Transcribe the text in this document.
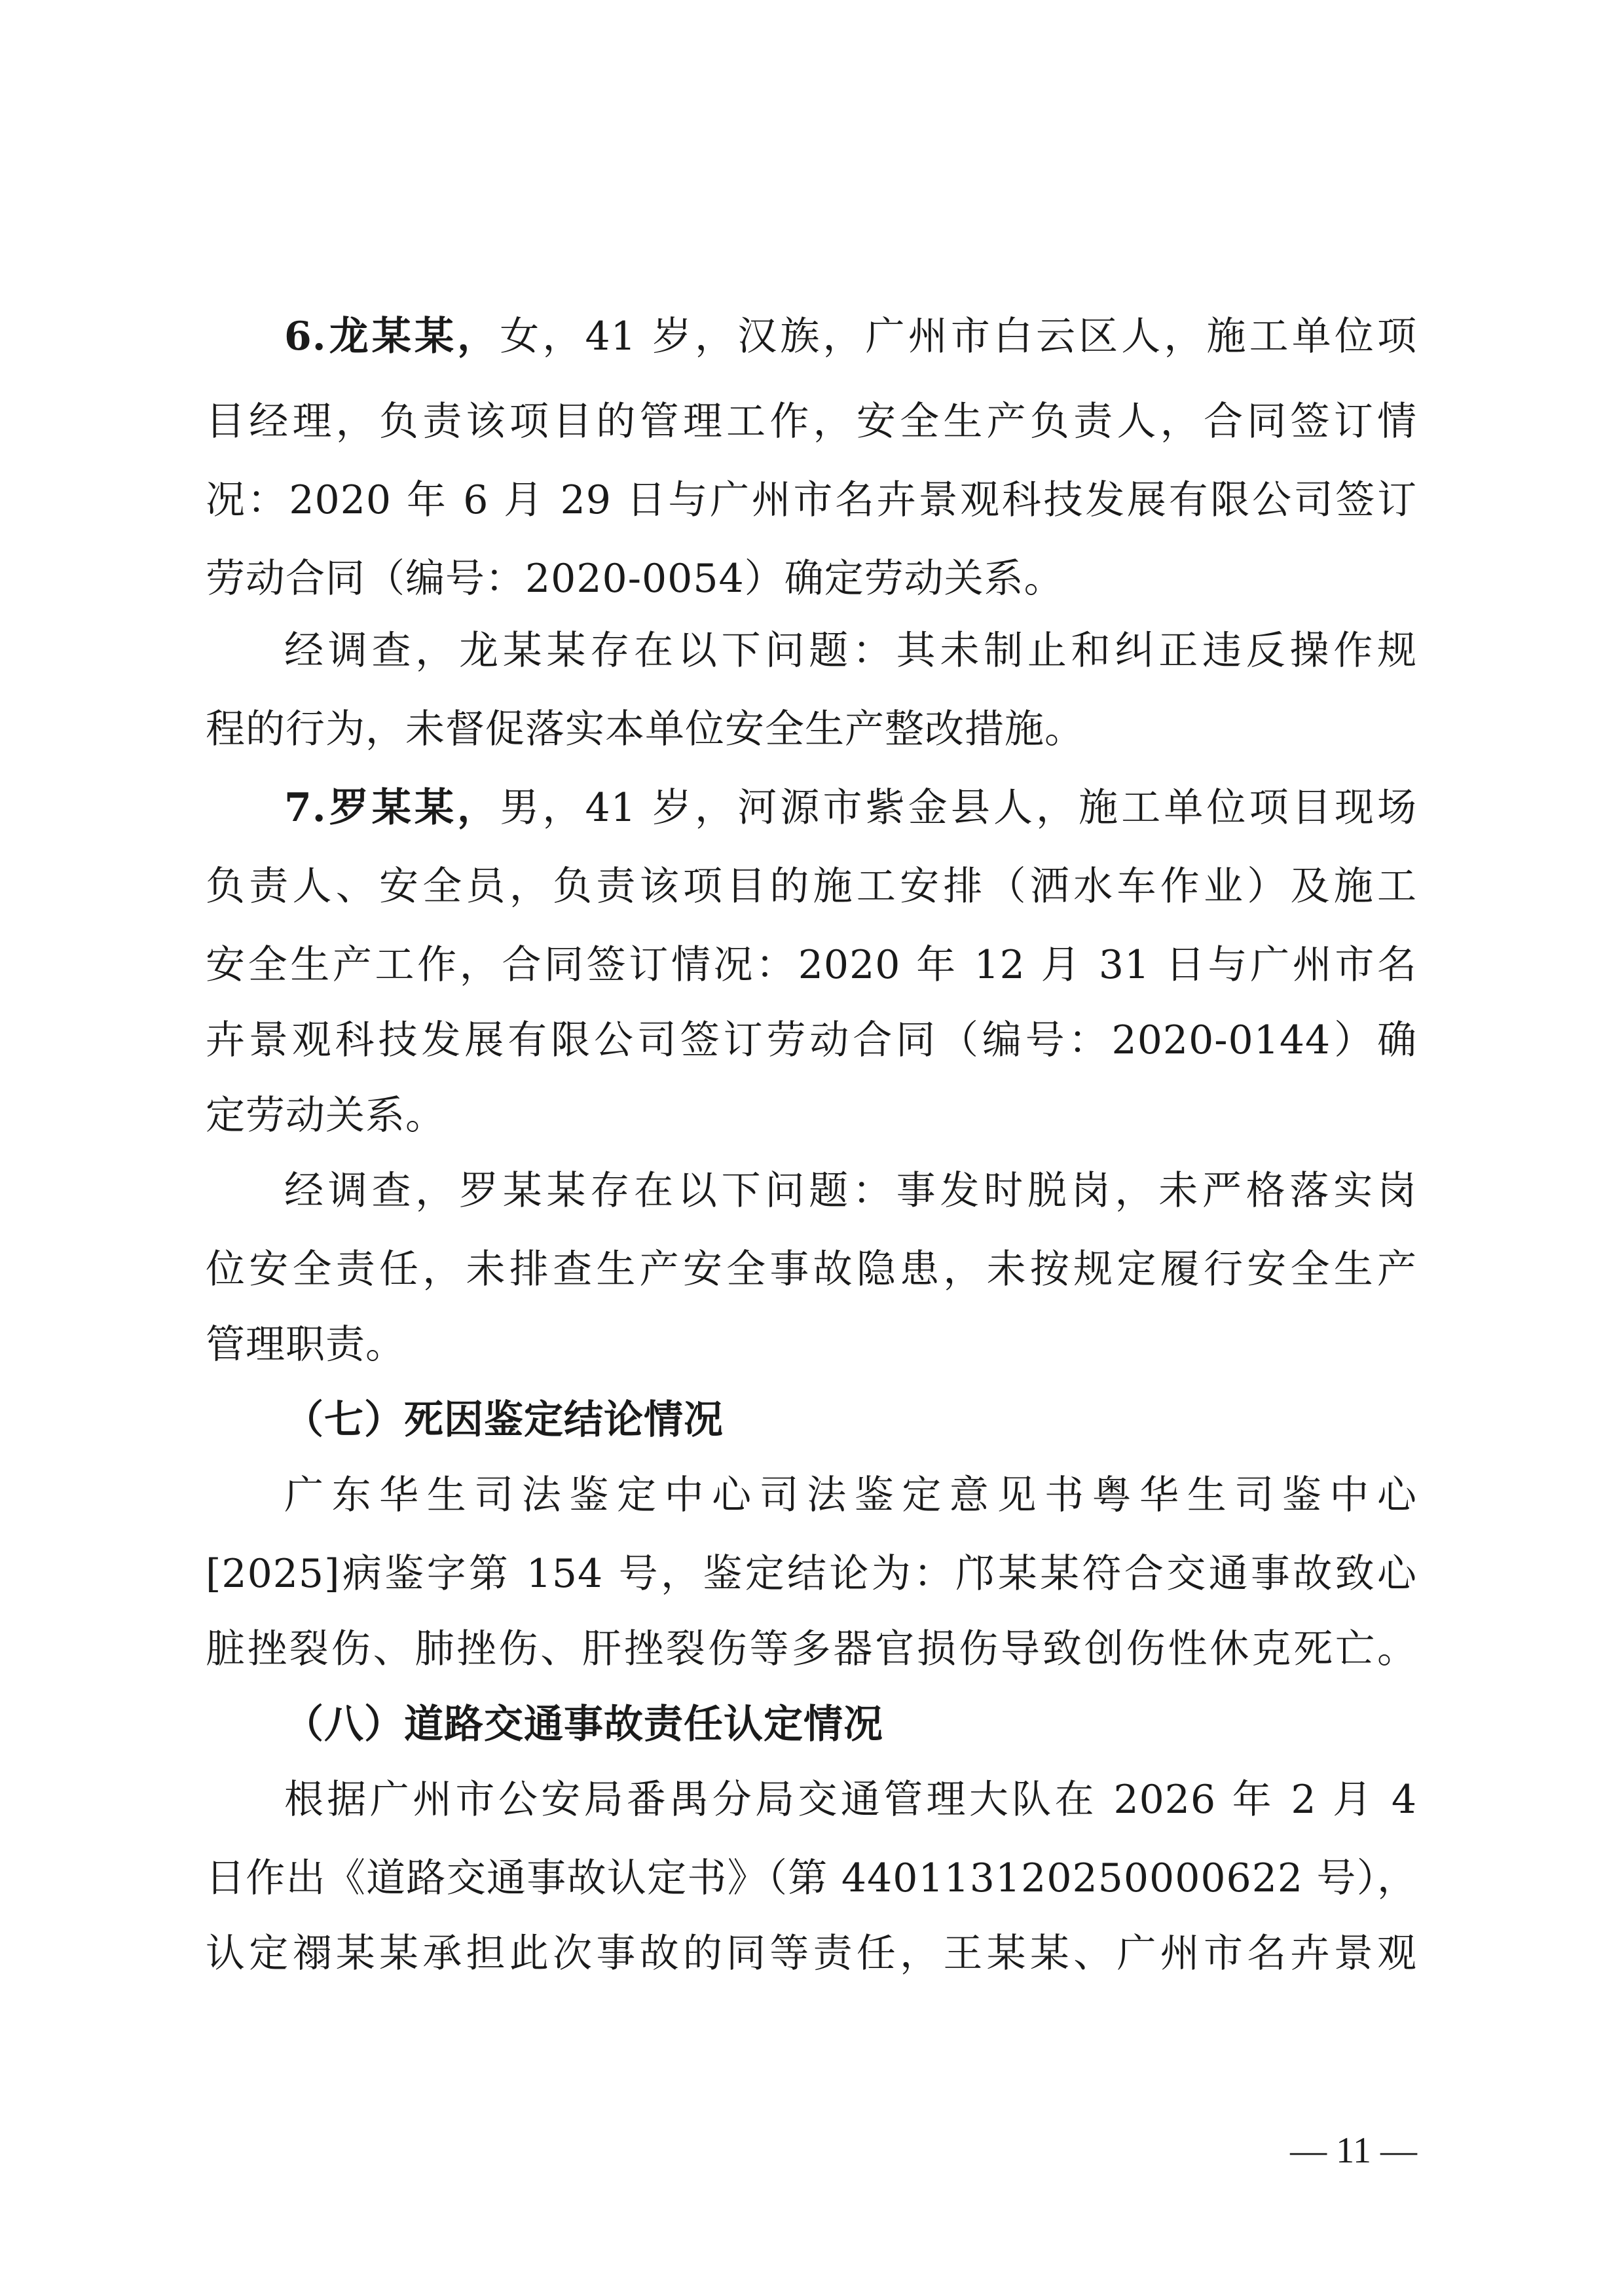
6.龙某某，女，41 岁，汉族，广州市白云区人，施工单位项
目经理，负责该项目的管理工作，安全生产负责人，合同签订情
况：2020 年 6 月 29 日与广州市名卉景观科技发展有限公司签订
劳动合同（编号：2020-0054）确定劳动关系。
经调查，龙某某存在以下问题：其未制止和纠正违反操作规
程的行为，未督促落实本单位安全生产整改措施。
7.罗某某，男，41 岁，河源市紫金县人，施工单位项目现场
负责人、安全员，负责该项目的施工安排（洒水车作业）及施工
安全生产工作，合同签订情况：2020 年 12 月 31 日与广州市名
卉景观科技发展有限公司签订劳动合同（编号：2020-0144）确
定劳动关系。
经调查，罗某某存在以下问题：事发时脱岗，未严格落实岗
位安全责任，未排查生产安全事故隐患，未按规定履行安全生产
管理职责。
（七）死因鉴定结论情况
广东华生司法鉴定中心司法鉴定意见书粤华生司鉴中心
[2025]病鉴字第 154 号，鉴定结论为：邝某某符合交通事故致心
脏挫裂伤、肺挫伤、肝挫裂伤等多器官损伤导致创伤性休克死亡。
（八）道路交通事故责任认定情况
根据广州市公安局番禺分局交通管理大队在 2026 年 2 月 4
日作出《道路交通事故认定书》（第 440113120250000622 号），
认定禤某某承担此次事故的同等责任，王某某、广州市名卉景观
— 11 —
